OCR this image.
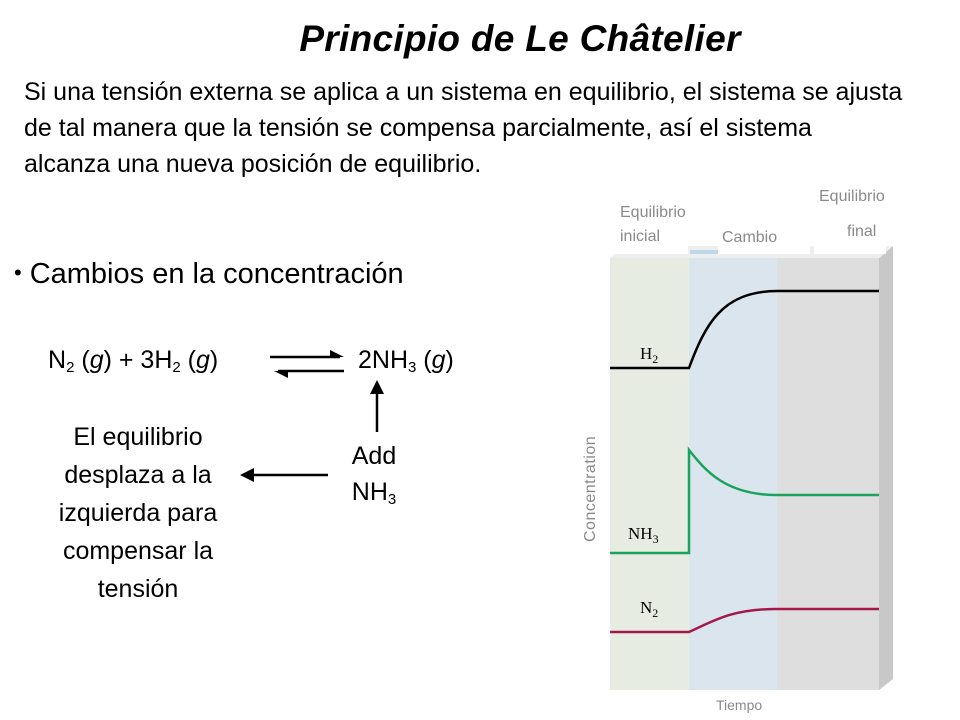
Principio de Le Châtelier
Si una tensión externa se aplica a un sistema en equilibrio, el sistema se ajusta de tal manera que la tensión se compensa parcialmente, así el sistema alcanza una nueva posición de equilibrio.
• Cambios en la concentración
$N_2$ $(g) + 3H_2$ (g)	$2NH_3$ (g)
El equilibrio desplaza a la izquierda para compensar la tensión
Add
$NH_3$
$H_2$
$NH_3$
$N_2$
Equilibrio
inicial	Cambio
Equilibrio
final
Concentration
Tiempo
